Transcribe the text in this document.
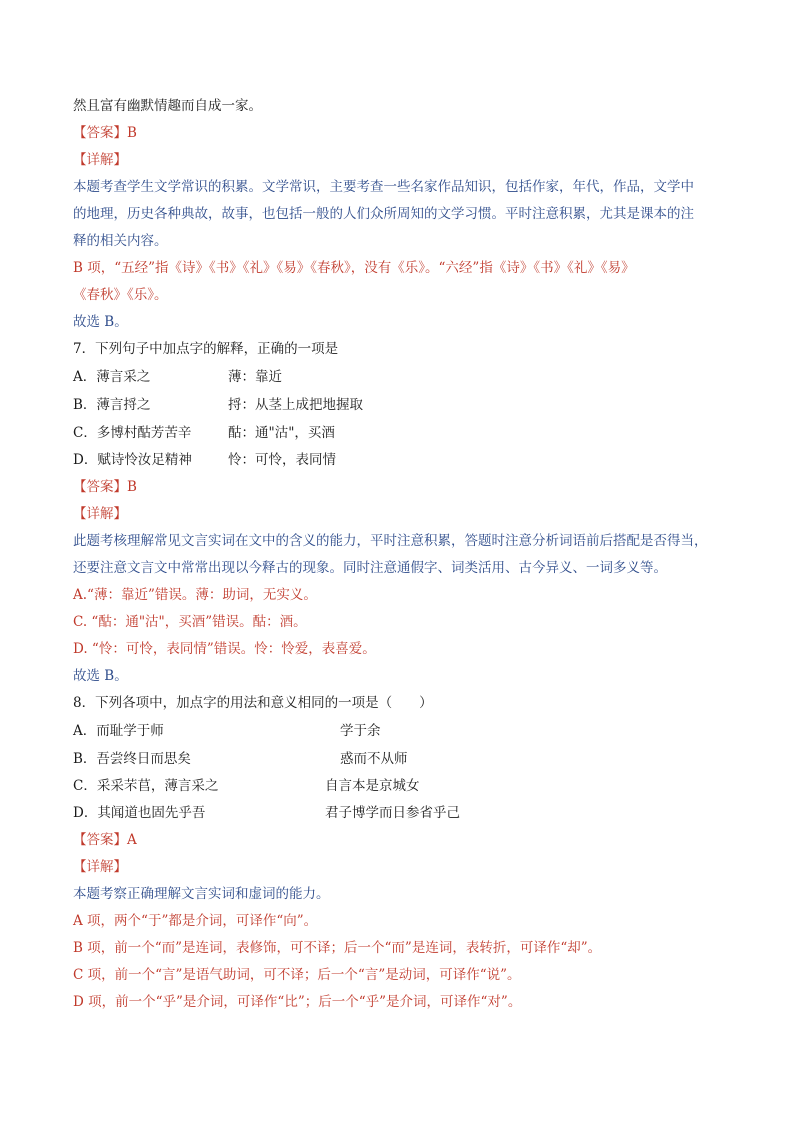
然且富有幽默情趣而自成一家。
【答案】B
【详解】
本题考查学生文学常识的积累。文学常识，主要考查一些名家作品知识，包括作家，年代，作品，文学中
的地理，历史各种典故，故事，也包括一般的人们众所周知的文学习惯。平时注意积累，尤其是课本的注
释的相关内容。
B 项，“五经”指《诗》《书》《礼》《易》《春秋》，没有《乐》。“六经”指《诗》《书》《礼》《易》
《春秋》《乐》。
故选 B。
7．下列句子中加点字的解释，正确的一项是
A．薄言采之	薄：靠近
B．薄言捋之	捋：从茎上成把地握取
C．多博村酤芳苦辛	酤：通"沽"，买酒
D．赋诗怜汝足精神	怜：可怜，表同情
【答案】B
【详解】
此题考核理解常见文言实词在文中的含义的能力，平时注意积累，答题时注意分析词语前后搭配是否得当，
还要注意文言文中常常出现以今释古的现象。同时注意通假字、词类活用、古今异义、一词多义等。
A.“薄：靠近”错误。薄：助词，无实义。
C. “酤：通"沽"，买酒”错误。酤：酒。
D. “怜：可怜，表同情”错误。怜：怜爱，表喜爱。
故选 B。
8．下列各项中，加点字的用法和意义相同的一项是（　　）
A．而耻学于师	学于余
B．吾尝终日而思矣	惑而不从师
C．采采芣苢，薄言采之	自言本是京城女
D．其闻道也固先乎吾	君子博学而日参省乎己
【答案】A
【详解】
本题考察正确理解文言实词和虚词的能力。
A 项，两个“于”都是介词，可译作“向”。
B 项，前一个“而”是连词，表修饰，可不译；后一个“而”是连词，表转折，可译作“却”。
C 项，前一个“言”是语气助词，可不译；后一个“言”是动词，可译作“说”。
D 项，前一个“乎”是介词，可译作“比”；后一个“乎”是介词，可译作“对”。
